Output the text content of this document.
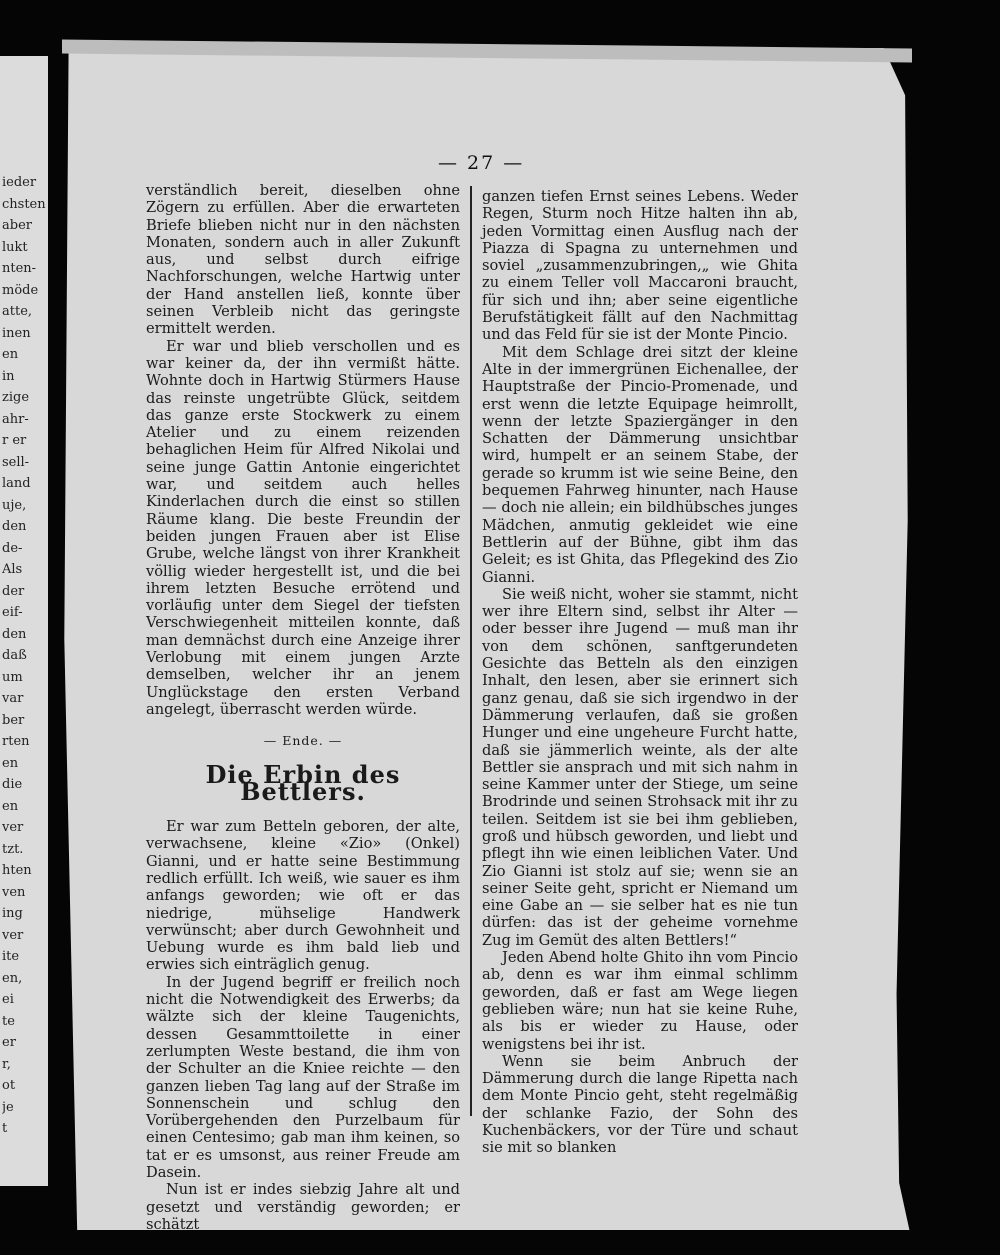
ieder
chsten
aber
lukt
nten-
möde
atte,
inen
en
in
zige
ahr-
r er
sell-
land
uje,
den
de-
Als
der
eif-
den
daß
um
var
ber
rten
en
die
en
ver
tzt.
hten
ven
ing
ver
ite
en,
ei
te
er
r,
ot
je
t
— 27 —

verständlich bereit, dieselben ohne Zögern zu erfüllen. Aber die erwarteten Briefe blieben nicht nur in den nächsten Monaten, sondern auch in aller Zukunft aus, und selbst durch eifrige Nachforschungen, welche Hartwig unter der Hand anstellen ließ, konnte über seinen Verbleib nicht das geringste ermittelt werden.

Er war und blieb verschollen und es war keiner da, der ihn vermißt hätte. Wohnte doch in Hartwig Stürmers Hause das reinste ungetrübte Glück, seitdem das ganze erste Stockwerk zu einem Atelier und zu einem reizenden behaglichen Heim für Alfred Nikolai und seine junge Gattin Antonie eingerichtet war, und seitdem auch helles Kinderlachen durch die einst so stillen Räume klang. Die beste Freundin der beiden jungen Frauen aber ist Elise Grube, welche längst von ihrer Krankheit völlig wieder hergestellt ist, und die bei ihrem letzten Besuche errötend und vorläufig unter dem Siegel der tiefsten Verschwiegenheit mitteilen konnte, daß man demnächst durch eine Anzeige ihrer Verlobung mit einem jungen Arzte demselben, welcher ihr an jenem Unglückstage den ersten Verband angelegt, überrascht werden würde.

— Ende. —
Die Erbin des Bettlers.

Er war zum Betteln geboren, der alte, verwachsene, kleine «Zio» (Onkel) Gianni, und er hatte seine Bestimmung redlich erfüllt. Ich weiß, wie sauer es ihm anfangs geworden; wie oft er das niedrige, mühselige Handwerk verwünscht; aber durch Gewohnheit und Uebung wurde es ihm bald lieb und erwies sich einträglich genug.

In der Jugend begriff er freilich noch nicht die Notwendigkeit des Erwerbs; da wälzte sich der kleine Taugenichts, dessen Gesammttoilette in einer zerlumpten Weste bestand, die ihm von der Schulter an die Kniee reichte — den ganzen lieben Tag lang auf der Straße im Sonnenschein und schlug den Vorübergehenden den Purzelbaum für einen Centesimo; gab man ihm keinen, so tat er es umsonst, aus reiner Freude am Dasein.

Nun ist er indes siebzig Jahre alt und gesetzt und verständig geworden; er schätzt

ganzen tiefen Ernst seines Lebens. Weder Regen, Sturm noch Hitze halten ihn ab, jeden Vormittag einen Ausflug nach der Piazza di Spagna zu unternehmen und soviel „zusammenzubringen,„ wie Ghita zu einem Teller voll Maccaroni braucht, für sich und ihn; aber seine eigentliche Berufstätigkeit fällt auf den Nachmittag und das Feld für sie ist der Monte Pincio.

Mit dem Schlage drei sitzt der kleine Alte in der immergrünen Eichenallee, der Hauptstraße der Pincio-Promenade, und erst wenn die letzte Equipage heimrollt, wenn der letzte Spaziergänger in den Schatten der Dämmerung unsichtbar wird, humpelt er an seinem Stabe, der gerade so krumm ist wie seine Beine, den bequemen Fahrweg hinunter, nach Hause — doch nie allein; ein bildhübsches junges Mädchen, anmutig gekleidet wie eine Bettlerin auf der Bühne, gibt ihm das Geleit; es ist Ghita, das Pflegekind des Zio Gianni.

Sie weiß nicht, woher sie stammt, nicht wer ihre Eltern sind, selbst ihr Alter — oder besser ihre Jugend — muß man ihr von dem schönen, sanftgerundeten Gesichte das Betteln als den einzigen Inhalt, den lesen, aber sie erinnert sich ganz genau, daß sie sich irgendwo in der Dämmerung verlaufen, daß sie großen Hunger und eine ungeheure Furcht hatte, daß sie jämmerlich weinte, als der alte Bettler sie ansprach und mit sich nahm in seine Kammer unter der Stiege, um seine Brodrinde und seinen Strohsack mit ihr zu teilen. Seitdem ist sie bei ihm geblieben, groß und hübsch geworden, und liebt und pflegt ihn wie einen leiblichen Vater. Und Zio Gianni ist stolz auf sie; wenn sie an seiner Seite geht, spricht er Niemand um eine Gabe an — sie selber hat es nie tun dürfen: das ist der geheime vornehme Zug im Gemüt des alten Bettlers!“

Jeden Abend holte Ghito ihn vom Pincio ab, denn es war ihm einmal schlimm geworden, daß er fast am Wege liegen geblieben wäre; nun hat sie keine Ruhe, als bis er wieder zu Hause, oder wenigstens bei ihr ist.

Wenn sie beim Anbruch der Dämmerung durch die lange Ripetta nach dem Monte Pincio geht, steht regelmäßig der schlanke Fazio, der Sohn des Kuchenbäckers, vor der Türe und schaut sie mit so blanken
